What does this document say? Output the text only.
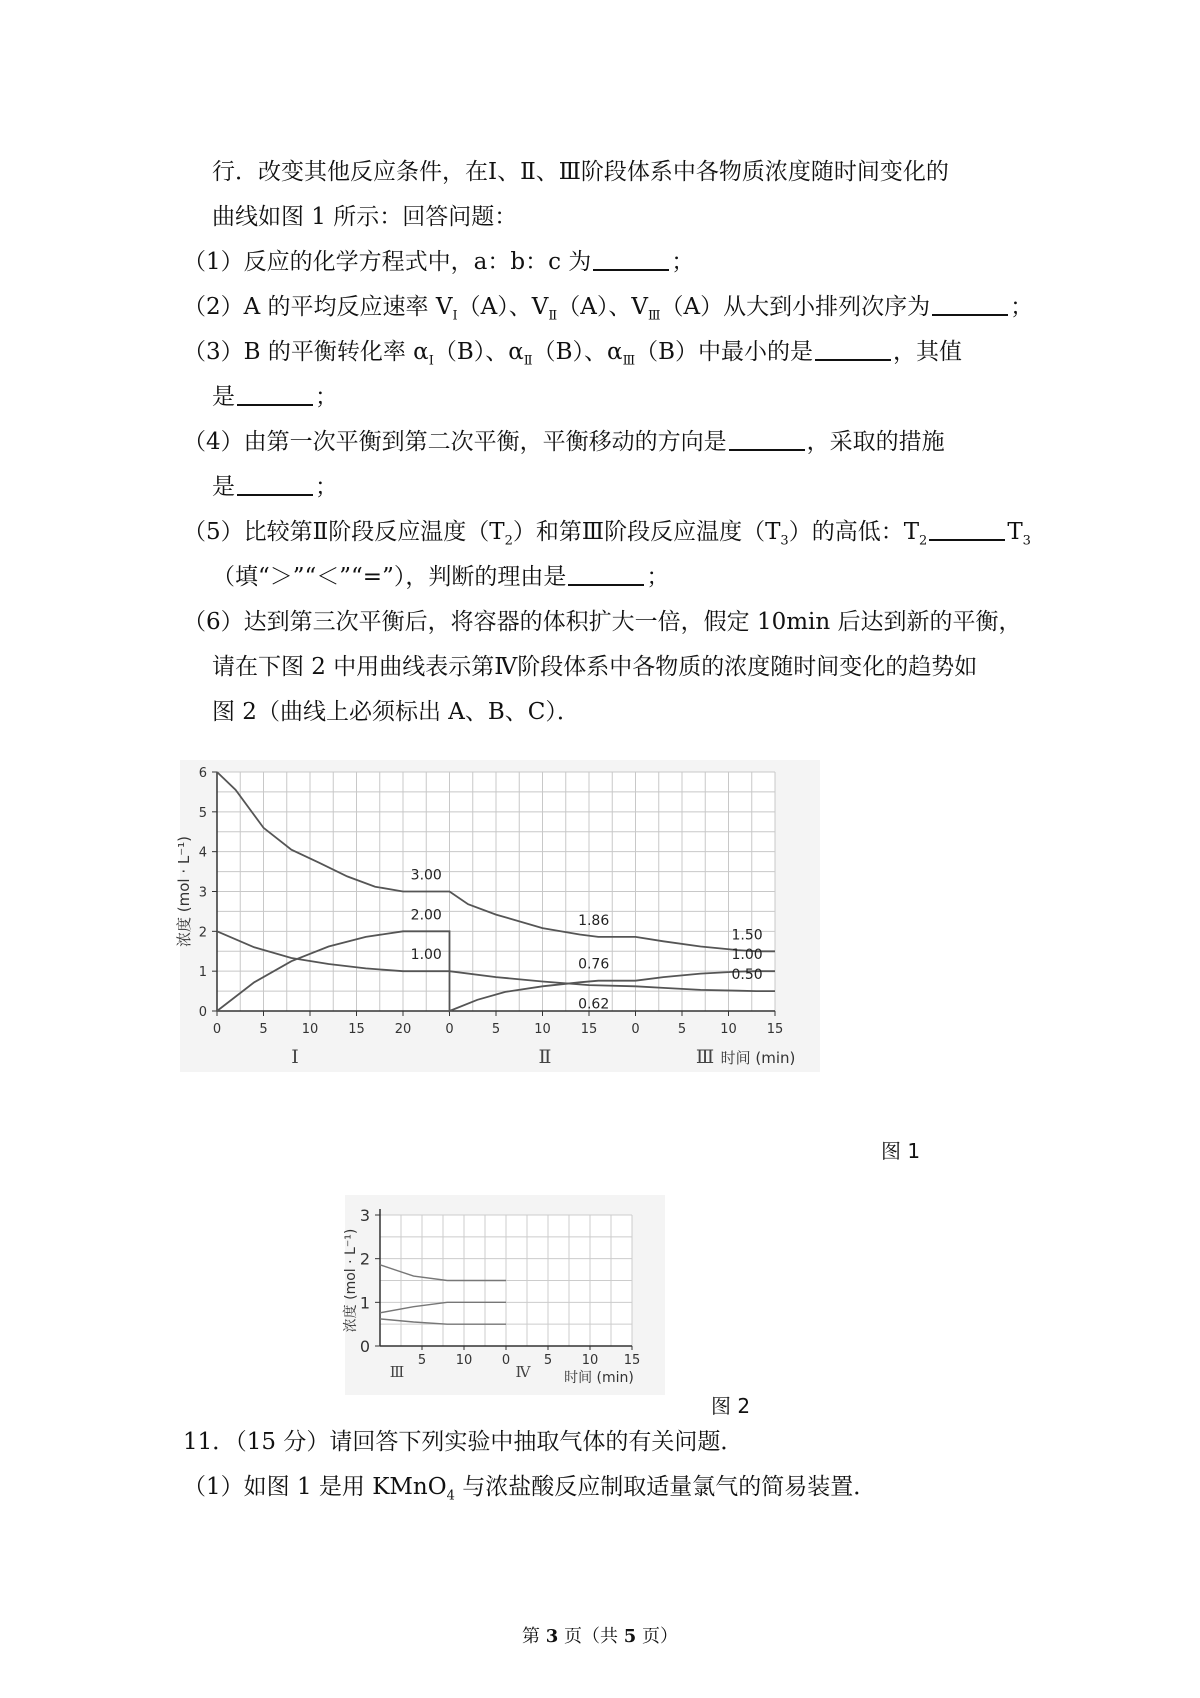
行．改变其他反应条件，在Ⅰ、Ⅱ、Ⅲ阶段体系中各物质浓度随时间变化的
曲线如图 1 所示：回答问题：
（1）反应的化学方程式中，a：b：c 为	；
（2）A 的平均反应速率 $V_Ⅰ(A)$、$V_Ⅱ(A)$、$V_Ⅲ(A)$从大到小排列次序为	；
（3）B 的平衡转化率 $\alpha_Ⅰ(B)$、$\alpha_Ⅱ(B)$、$\alpha_Ⅲ(B)$中最小的是	，其值
是	；
（4）由第一次平衡到第二次平衡，平衡移动的方向是	，采取的措施
是	；
（5）比较第Ⅱ阶段反应温度$(T_2)$和第Ⅲ阶段反应温度$(T_3)$的高低：$T_2$	$T_3$
（填“＞”“＜”“=”），判断的理由是	；
（6）达到第三次平衡后，将容器的体积扩大一倍，假定 10min 后达到新的平衡，
请在下图 2 中用曲线表示第Ⅳ阶段体系中各物质的浓度随时间变化的趋势如
图 2（曲线上必须标出 A、B、C）．
0
1
2
3
4
5
6
0	5	10 15 20	0	5	10 15	0	5	10 15
Ⅰ	Ⅱ	Ⅲ 时间 (min)
浓度 (mol · L⁻¹)	3.00
2.00
1.00
1.86
0.76
0.62
1.50
1.00
0.50
图 1
0
1
2
3
5 10 0	5 10 15
Ⅲ	Ⅳ 时间 (min)
浓度 (mol · L⁻¹)
图 2
11．（15 分）请回答下列实验中抽取气体的有关问题．
（1）如图 1 是用 KMnO$_4$ 与浓盐酸反应制取适量氯气的简易装置．
第 3 页（共 5 页）
